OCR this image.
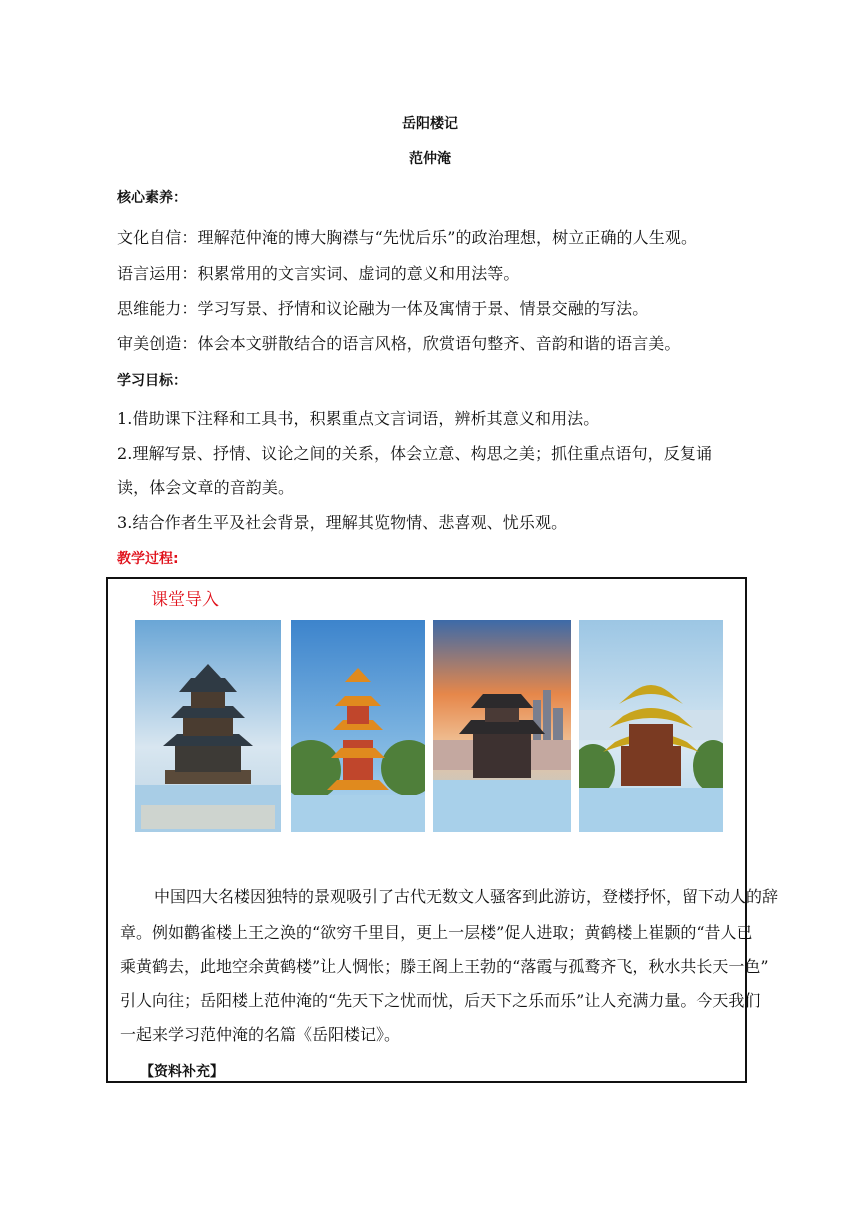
岳阳楼记
范仲淹
核心素养：
文化自信：理解范仲淹的博大胸襟与“先忧后乐”的政治理想，树立正确的人生观。
语言运用：积累常用的文言实词、虚词的意义和用法等。
思维能力：学习写景、抒情和议论融为一体及寓情于景、情景交融的写法。
审美创造：体会本文骈散结合的语言风格，欣赏语句整齐、音韵和谐的语言美。
学习目标：
1.借助课下注释和工具书，积累重点文言词语，辨析其意义和用法。
2.理解写景、抒情、议论之间的关系，体会立意、构思之美；抓住重点语句，反复诵
读，体会文章的音韵美。
3.结合作者生平及社会背景，理解其览物情、悲喜观、忧乐观。
教学过程:
课堂导入
中国四大名楼因独特的景观吸引了古代无数文人骚客到此游访，登楼抒怀，留下动人的辞
章。例如鹳雀楼上王之涣的“欲穷千里目，更上一层楼”促人进取；黄鹤楼上崔颢的“昔人已
乘黄鹤去，此地空余黄鹤楼”让人惆怅；滕王阁上王勃的“落霞与孤鹜齐飞，秋水共长天一色”
引人向往；岳阳楼上范仲淹的“先天下之忧而忧，后天下之乐而乐”让人充满力量。今天我们
一起来学习范仲淹的名篇《岳阳楼记》。
【资料补充】
